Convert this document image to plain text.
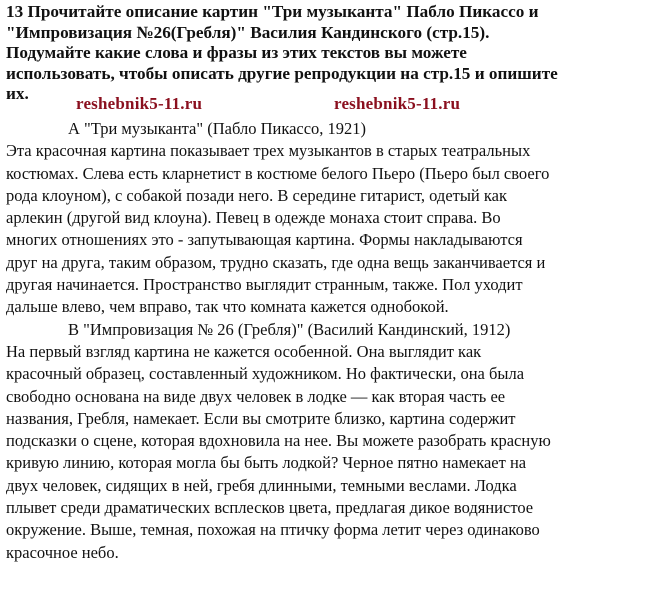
13 Прочитайте описание картин "Три музыканта" Пабло Пикассо и
"Импровизация №26(Гребля)" Василия Кандинского (стр.15).
Подумайте какие слова и фразы из этих текстов вы можете
использовать, чтобы описать другие репродукции на стр.15 и опишите
их.
reshebnik5-11.ru	reshebnik5-11.ru

А "Три музыканта" (Пабло Пикассо, 1921)

Эта красочная картина показывает трех музыкантов в старых театральных

костюмах. Слева есть кларнетист в костюме белого Пьеро (Пьеро был своего

рода клоуном), с собакой позади него. В середине гитарист, одетый как

арлекин (другой вид клоуна). Певец в одежде монаха стоит справа. Во

многих отношениях это - запутывающая картина. Формы накладываются

друг на друга, таким образом, трудно сказать, где одна вещь заканчивается и

другая начинается. Пространство выглядит странным, также. Пол уходит

дальше влево, чем вправо, так что комната кажется однобокой.

В "Импровизация № 26 (Гребля)" (Василий Кандинский, 1912)

На первый взгляд картина не кажется особенной. Она выглядит как

красочный образец, составленный художником. Но фактически, она была

свободно основана на виде двух человек в лодке — как вторая часть ее

названия, Гребля, намекает. Если вы смотрите близко, картина содержит

подсказки о сцене, которая вдохновила на нее. Вы можете разобрать красную

кривую линию, которая могла бы быть лодкой? Черное пятно намекает на

двух человек, сидящих в ней, гребя длинными, темными веслами. Лодка

плывет среди драматических всплесков цвета, предлагая дикое водянистое

окружение. Выше, темная, похожая на птичку форма летит через одинаково

красочное небо.
